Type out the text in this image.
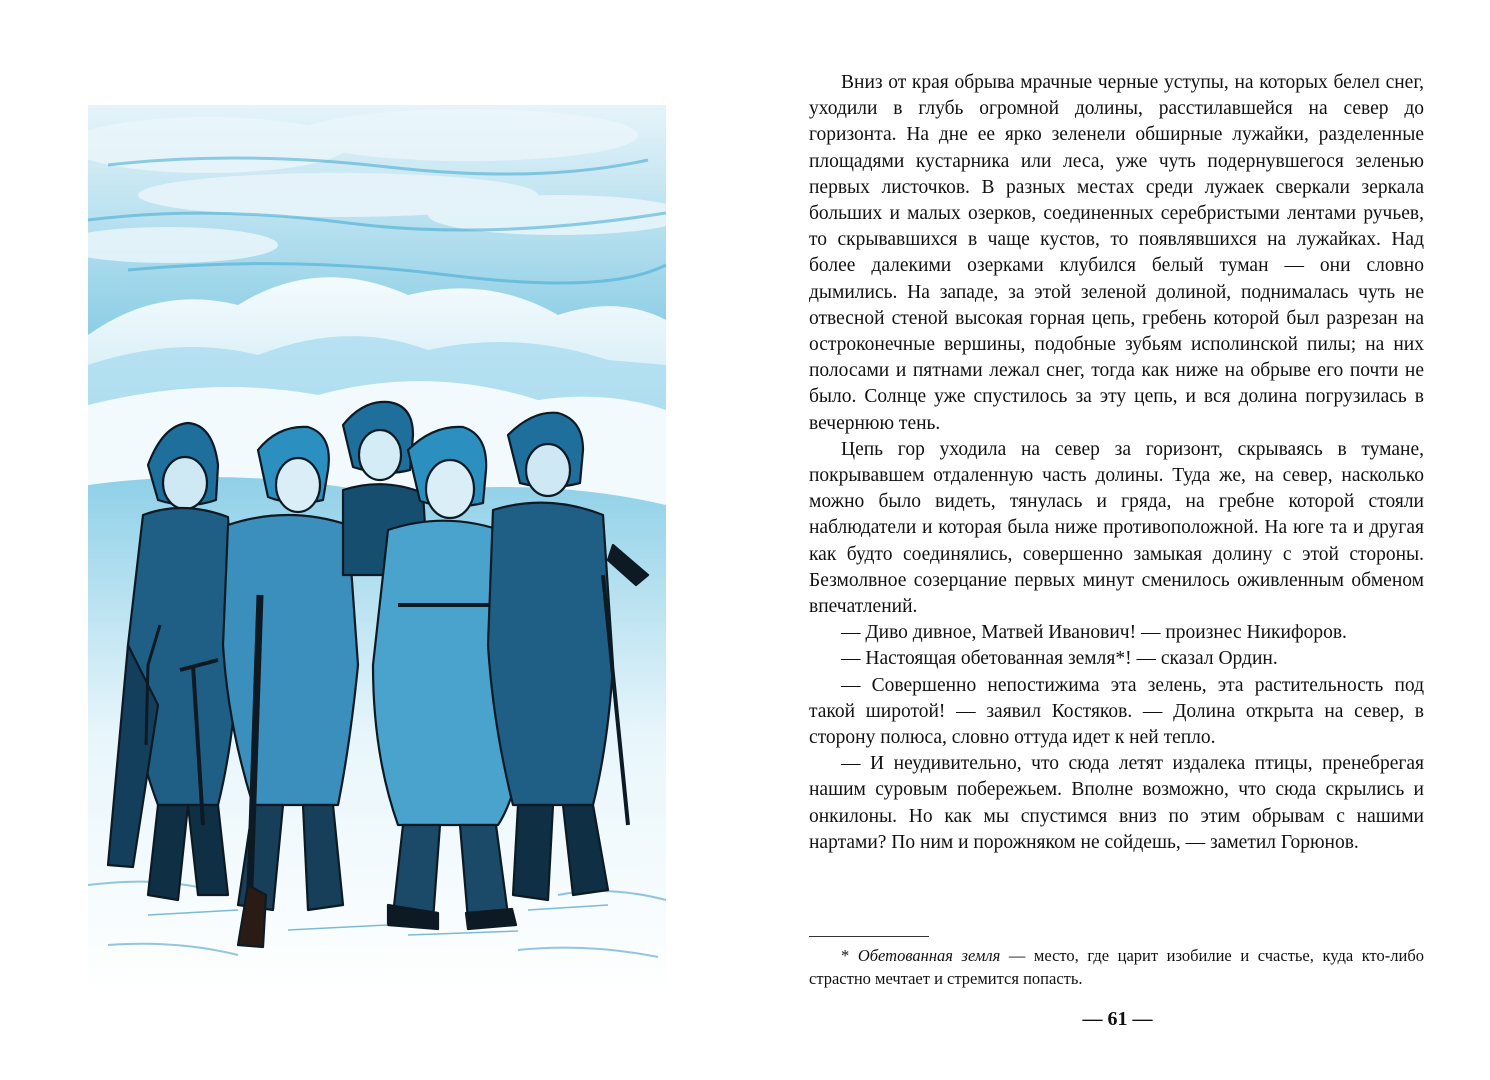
Вниз от края обрыва мрачные черные уступы, на которых белел снег, уходили в глубь огромной долины, расстилавшейся на север до горизонта. На дне ее ярко зеленели обширные лужайки, разделенные площадями кустарника или леса, уже чуть подернувшегося зеленью первых листочков. В разных местах среди лужаек сверкали зеркала больших и малых озерков, соединенных серебристыми лентами ручьев, то скрывавшихся в чаще кустов, то появлявшихся на лужайках. Над более далекими озерками клубился белый туман — они словно дымились. На западе, за этой зеленой долиной, поднималась чуть не отвесной стеной высокая горная цепь, гребень которой был разрезан на остроконечные вершины, подобные зубьям исполинской пилы; на них полосами и пятнами лежал снег, тогда как ниже на обрыве его почти не было. Солнце уже спустилось за эту цепь, и вся долина погрузилась в вечернюю тень.

Цепь гор уходила на север за горизонт, скрываясь в тумане, покрывавшем отдаленную часть долины. Туда же, на север, насколько можно было видеть, тянулась и гряда, на гребне которой стояли наблюдатели и которая была ниже противоположной. На юге та и другая как будто соединялись, совершенно замыкая долину с этой стороны. Безмолвное созерцание первых минут сменилось оживленным обменом впечатлений.

— Диво дивное, Матвей Иванович! — произнес Никифоров.

— Настоящая обетованная земля*! — сказал Ордин.

— Совершенно непостижима эта зелень, эта растительность под такой широтой! — заявил Костяков. — Долина открыта на север, в сторону полюса, словно оттуда идет к ней тепло.

— И неудивительно, что сюда летят издалека птицы, пренебрегая нашим суровым побережьем. Вполне возможно, что сюда скрылись и онкилоны. Но как мы спустимся вниз по этим обрывам с нашими нартами? По ним и порожняком не сойдешь, — заметил Горюнов.

* Обетованная земля — место, где царит изобилие и счастье, куда кто-либо страстно мечтает и стремится попасть.

— 61 —
